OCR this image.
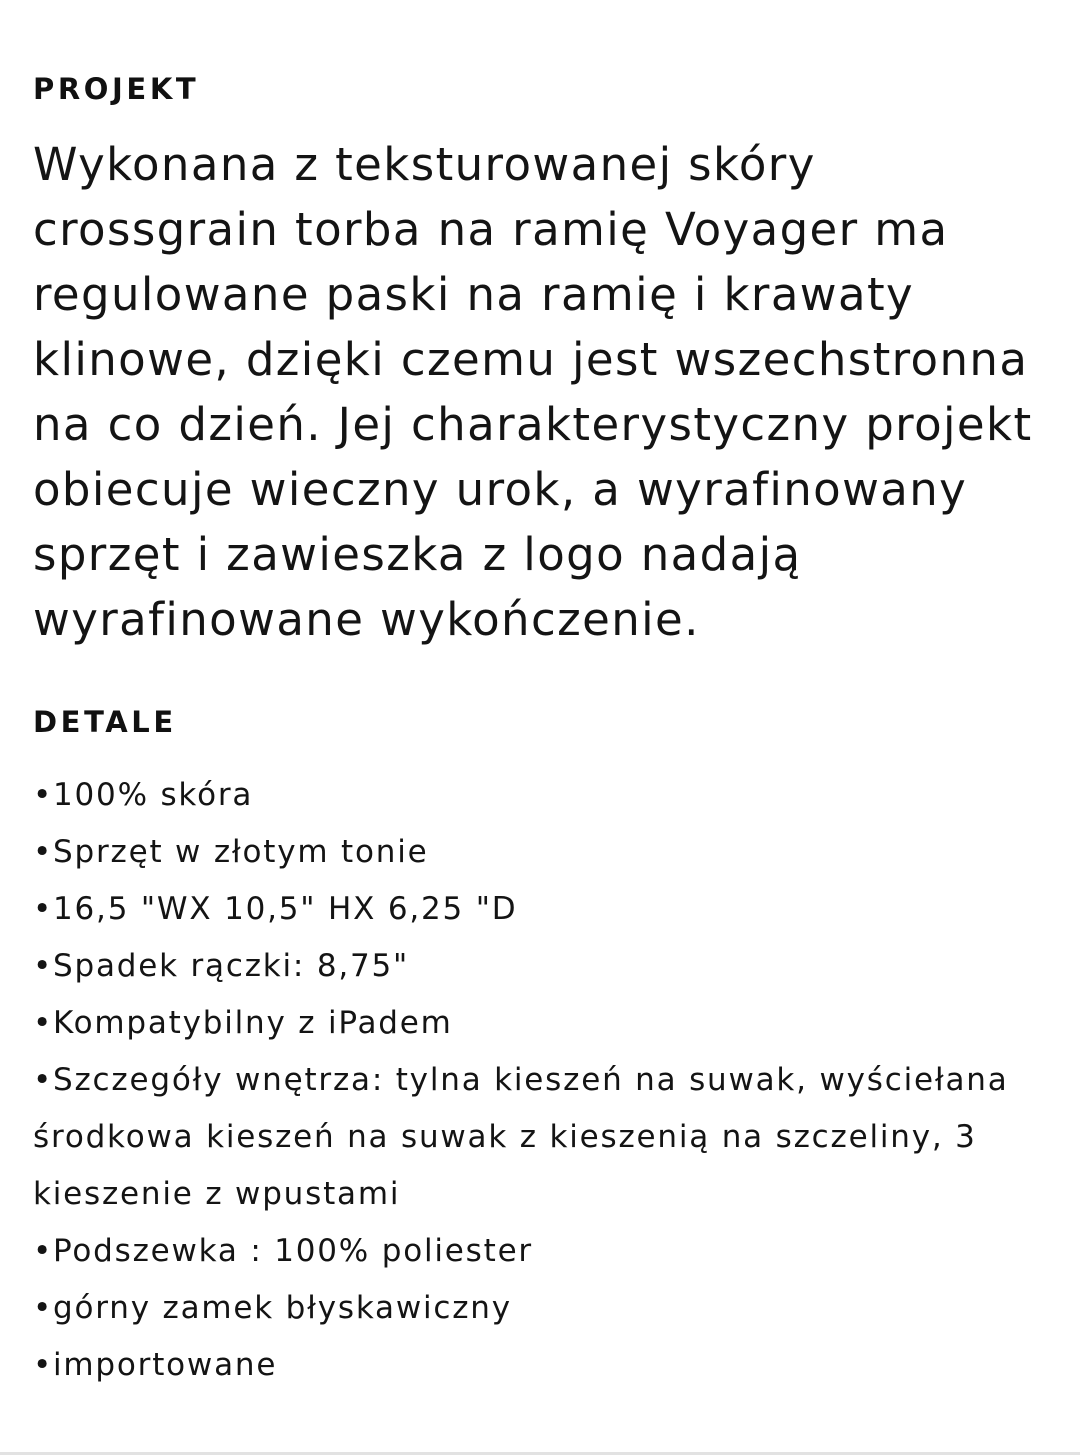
PROJEKT

Wykonana z teksturowanej skóry crossgrain torba na ramię Voyager ma regulowane paski na ramię i krawaty klinowe, dzięki czemu jest wszechstronna na co dzień. Jej charakterystyczny projekt obiecuje wieczny urok, a wyrafinowany sprzęt i zawieszka z logo nadają wyrafinowane wykończenie.

DETALE
•100% skóra
•Sprzęt w złotym tonie
•16,5 "WX 10,5" HX 6,25 "D
•Spadek rączki: 8,75"
•Kompatybilny z iPadem
•Szczegóły wnętrza: tylna kieszeń na suwak, wyściełana środkowa kieszeń na suwak z kieszenią na szczeliny, 3 kieszenie z wpustami
•Podszewka : 100% poliester
•górny zamek błyskawiczny
•importowane
